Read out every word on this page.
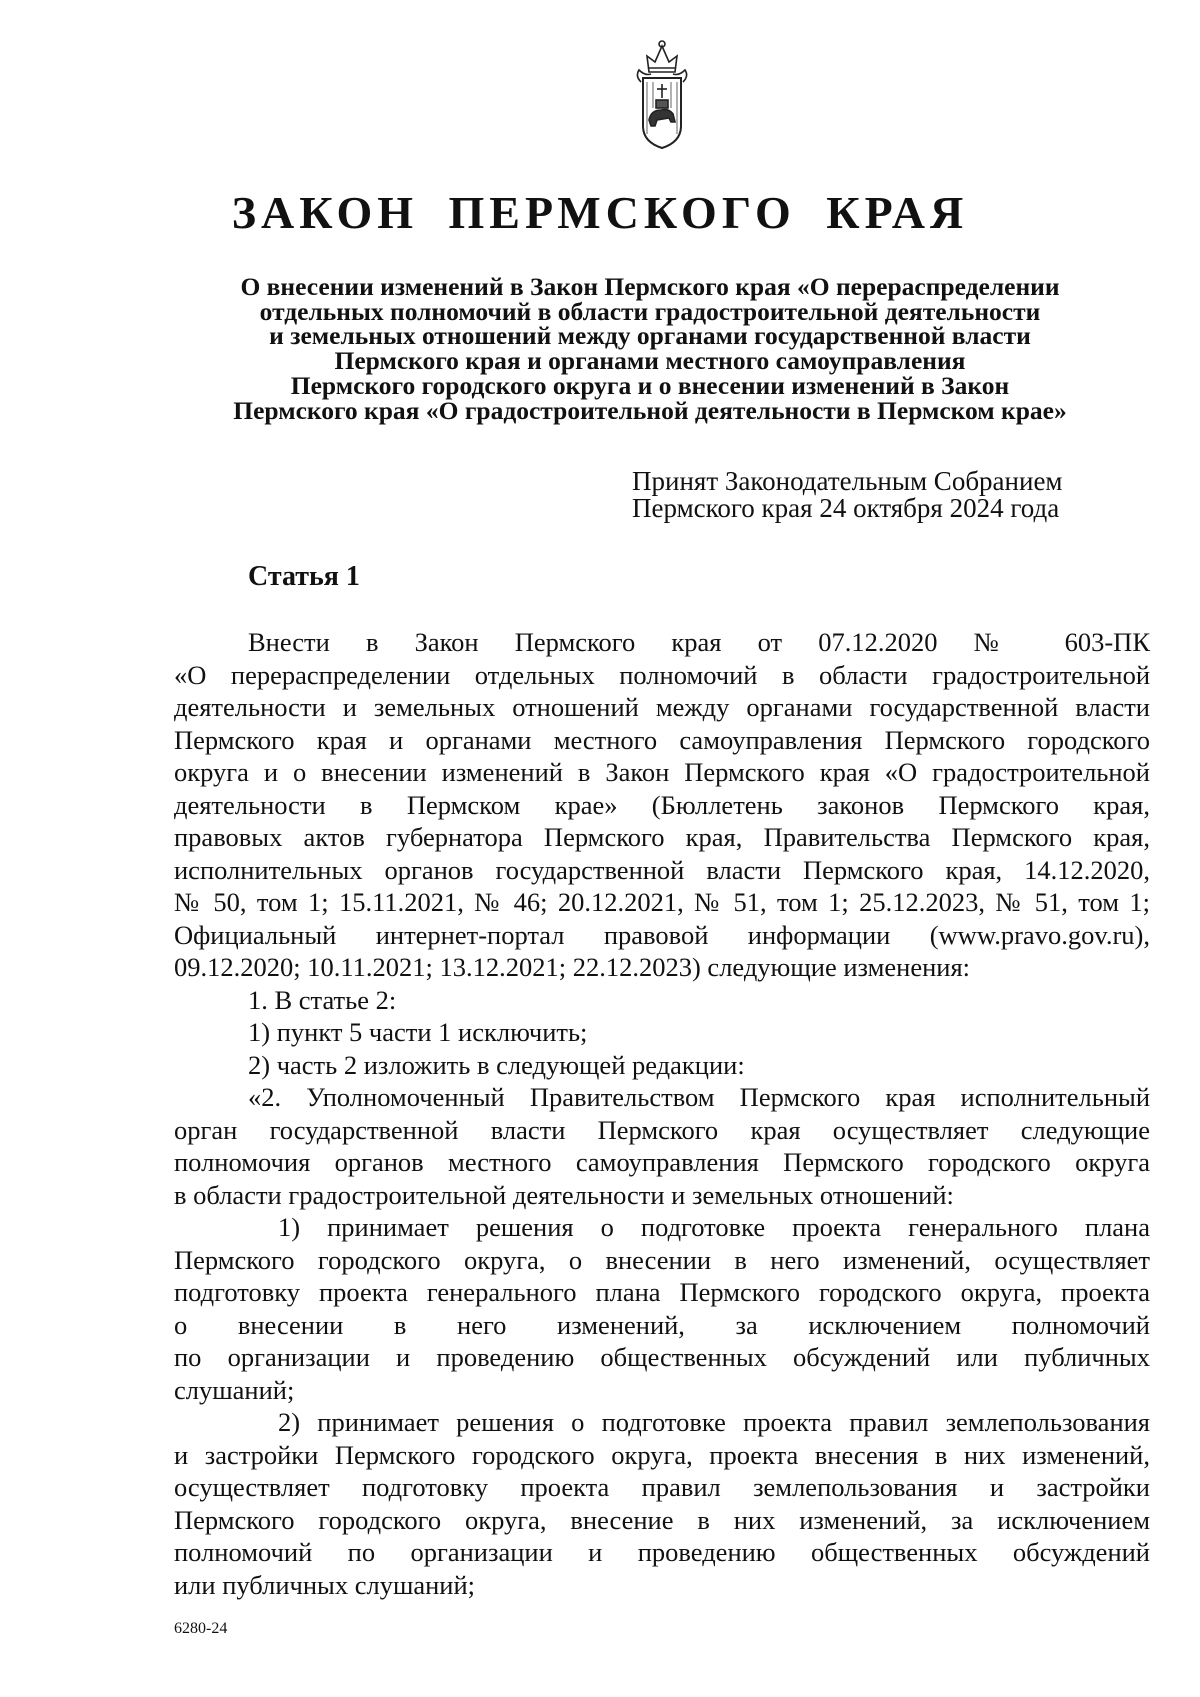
ЗАКОН ПЕРМСКОГО КРАЯ
О внесении изменений в Закон Пермского края «О перераспределении
отдельных полномочий в области градостроительной деятельности
и земельных отношений между органами государственной власти
Пермского края и органами местного самоуправления
Пермского городского округа и о внесении изменений в Закон
Пермского края «О градостроительной деятельности в Пермском крае»
Принят Законодательным Собранием
Пермского края 24 октября 2024 года
Статья 1
Внести в Закон Пермского края от 07.12.2020 № 603-ПК
«О перераспределении отдельных полномочий в области градостроительной
деятельности и земельных отношений между органами государственной власти
Пермского края и органами местного самоуправления Пермского городского
округа и о внесении изменений в Закон Пермского края «О градостроительной
деятельности в Пермском крае» (Бюллетень законов Пермского края,
правовых актов губернатора Пермского края, Правительства Пермского края,
исполнительных органов государственной власти Пермского края, 14.12.2020,
№ 50, том 1; 15.11.2021, № 46; 20.12.2021, № 51, том 1; 25.12.2023, № 51, том 1;
Официальный интернет-портал правовой информации (www.pravo.gov.ru),
09.12.2020; 10.11.2021; 13.12.2021; 22.12.2023) следующие изменения:
1. В статье 2:
1) пункт 5 части 1 исключить;
2) часть 2 изложить в следующей редакции:
«2. Уполномоченный Правительством Пермского края исполнительный
орган государственной власти Пермского края осуществляет следующие
полномочия органов местного самоуправления Пермского городского округа
в области градостроительной деятельности и земельных отношений:
1) принимает решения о подготовке проекта генерального плана
Пермского городского округа, о внесении в него изменений, осуществляет
подготовку проекта генерального плана Пермского городского округа, проекта
о внесении в него изменений, за исключением полномочий
по организации и проведению общественных обсуждений или публичных
слушаний;
2) принимает решения о подготовке проекта правил землепользования
и застройки Пермского городского округа, проекта внесения в них изменений,
осуществляет подготовку проекта правил землепользования и застройки
Пермского городского округа, внесение в них изменений, за исключением
полномочий по организации и проведению общественных обсуждений
или публичных слушаний;
6280-24
